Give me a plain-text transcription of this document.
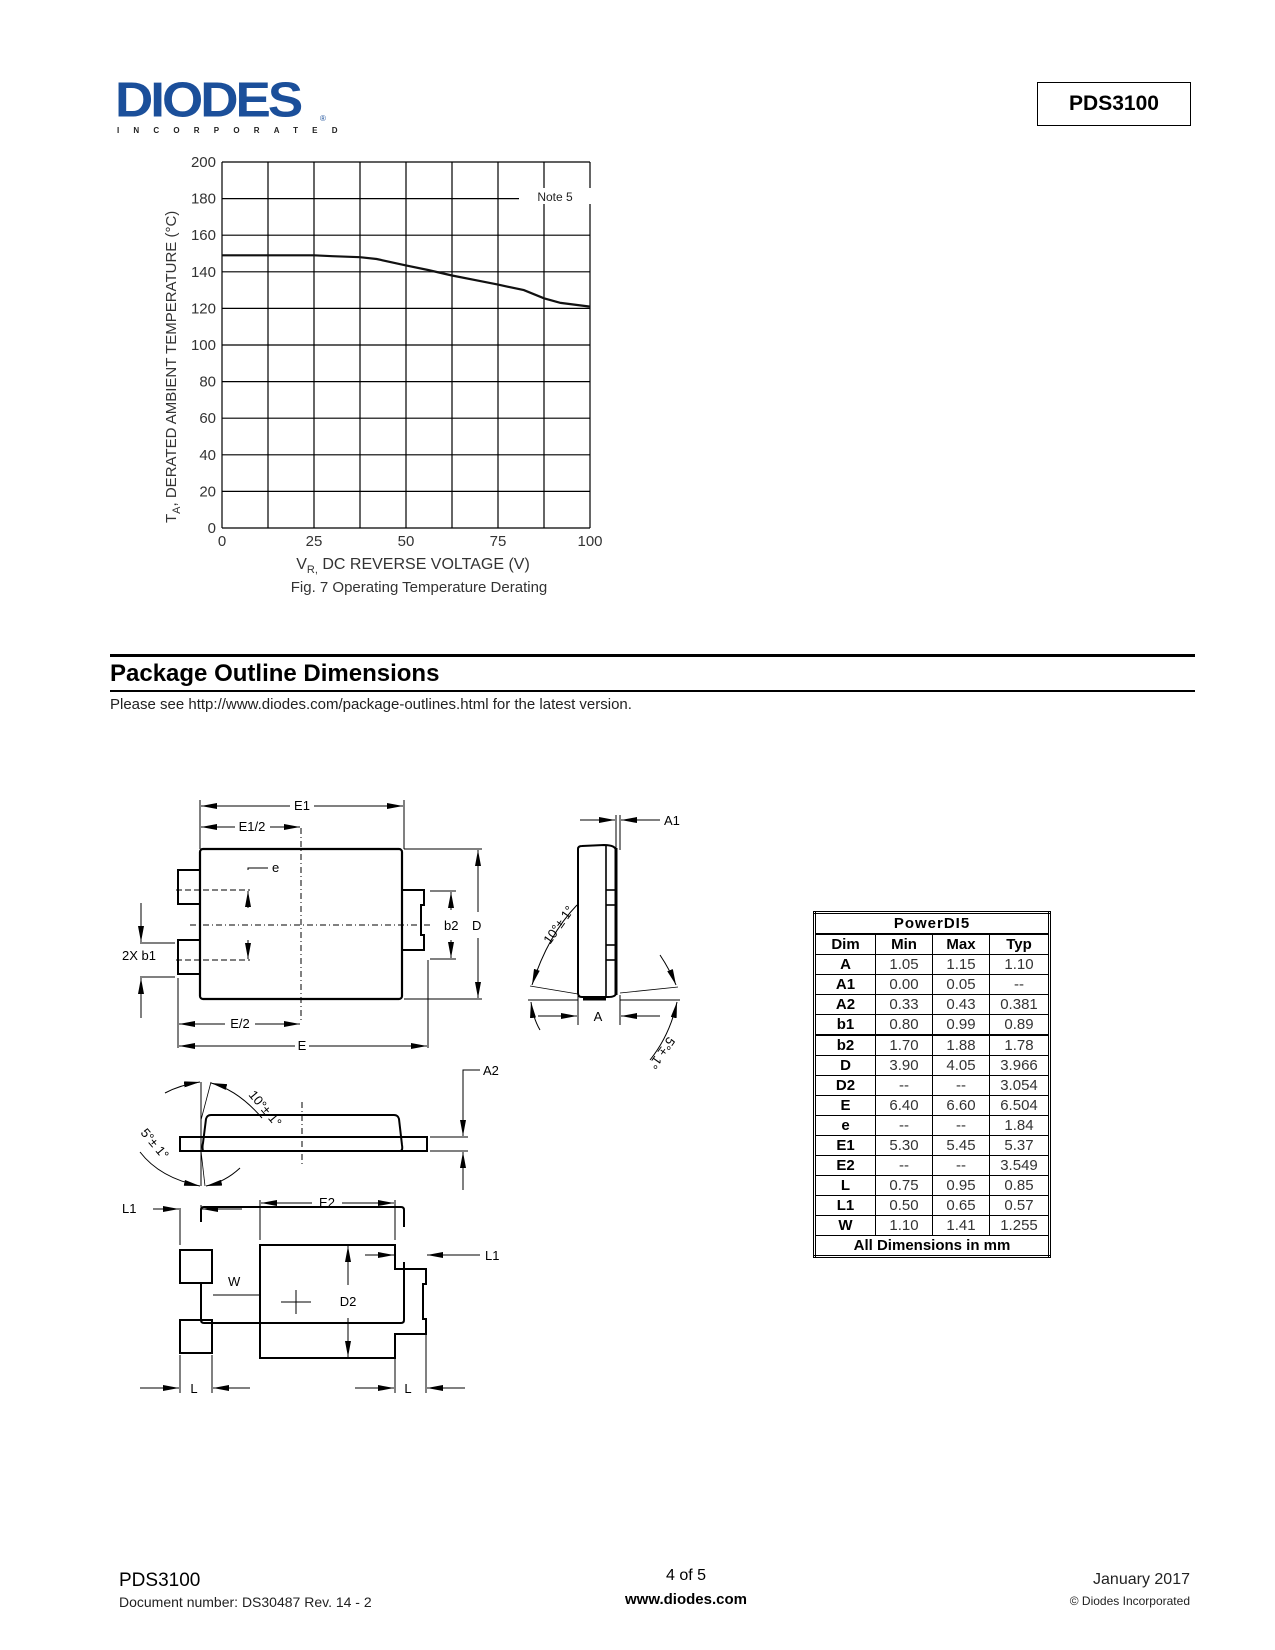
DIODES
INCORPORATED
®
PDS3100
0
20
40
60
80
100
120
140
160
180
200
0	25	50	75	100
Note 5
$T_A$, DERATED AMBIENT TEMPERATURE (°C)
$V_{R,}$ DC REVERSE VOLTAGE (V)
Fig. 7 Operating Temperature Derating
Package Outline Dimensions
Please see http://www.diodes.com/package-outlines.html for the latest version.
E1
E1/2
e
2X b1
b2 D
E/2
E
A1
A
10°± 1°
5°± 1°
10°± 1°
5°± 1°
A2
E2
L1
L1
W
D2
L	L
PowerDI5			
Dim	Min	Max	Typ
A	1.05	1.15	1.10
A1	0.00	0.05	--
A2	0.33	0.43	0.381
b1	0.80	0.99	0.89
b2	1.70	1.88	1.78
D	3.90	4.05	3.966
D2	--	--	3.054
E	6.40	6.60	6.504
e	--	--	1.84
E1	5.30	5.45	5.37
E2	--	--	3.549
L	0.75	0.95	0.85
L1	0.50	0.65	0.57
W	1.10	1.41	1.255
All Dimensions in mm			
PDS3100
Document number: DS30487 Rev. 14 - 2
4 of 5
www.diodes.com
January 2017
© Diodes Incorporated
